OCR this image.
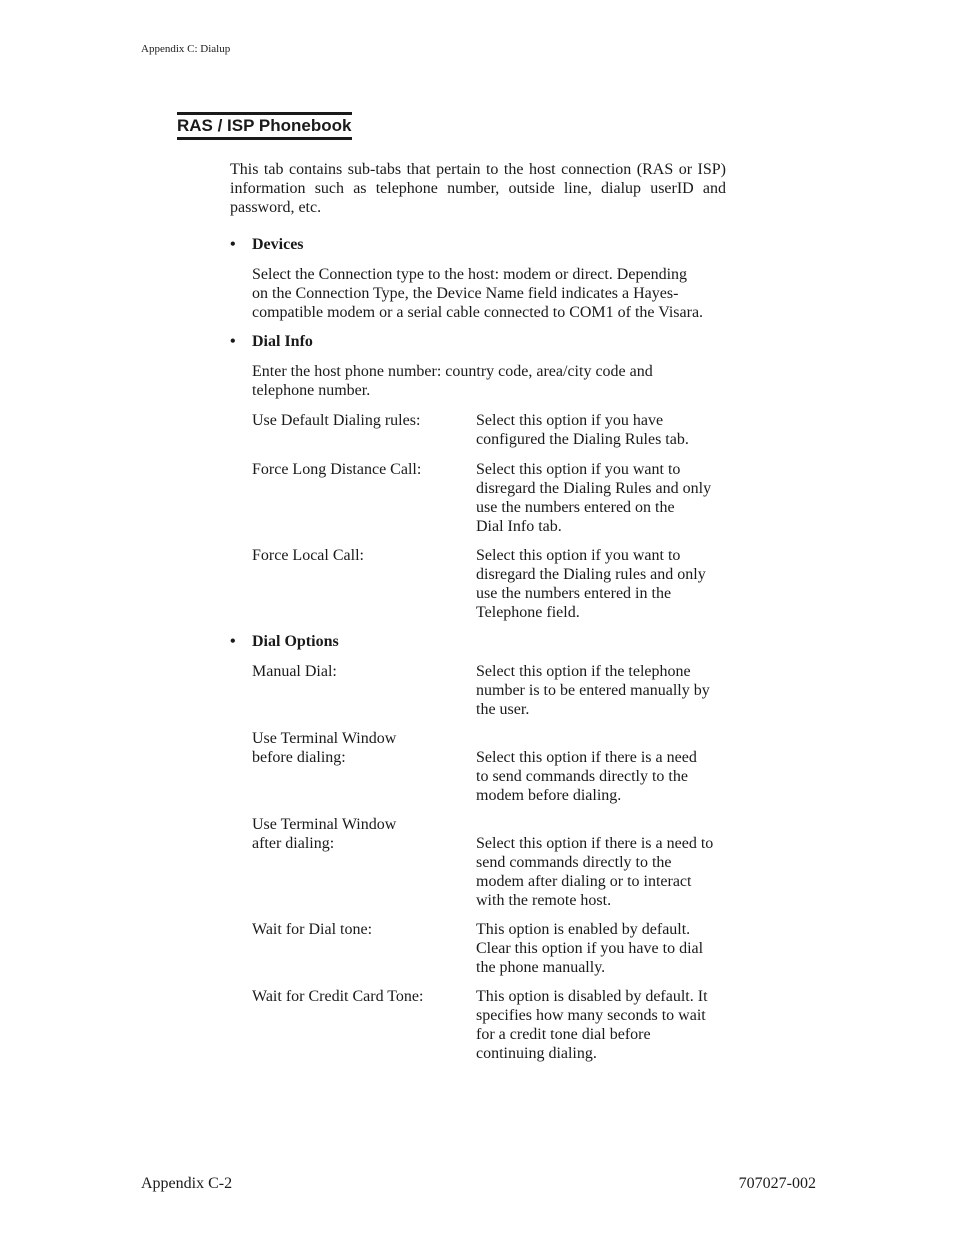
Appendix C: Dialup
RAS / ISP Phonebook
This tab contains sub-tabs that pertain to the host connection (RAS or ISP) information such as telephone number, outside line, dialup userID and password, etc.
• Devices
Select the Connection type to the host: modem or direct. Depending
on the Connection Type, the Device Name field indicates a Hayes-
compatible modem or a serial cable connected to COM1 of the Visara.
• Dial Info
Enter the host phone number: country code, area/city code and
telephone number.
Use Default Dialing rules:	Select this option if you have
configured the Dialing Rules tab.
Force Long Distance Call:	Select this option if you want to
disregard the Dialing Rules and only
use the numbers entered on the
Dial Info tab.
Force Local Call:	Select this option if you want to
disregard the Dialing rules and only
use the numbers entered in the
Telephone field.
• Dial Options
Manual Dial:	Select this option if the telephone
number is to be entered manually by
the user.
Use Terminal Window
before dialing:	Select this option if there is a need
to send commands directly to the
modem before dialing.
Use Terminal Window
after dialing:	Select this option if there is a need to
send commands directly to the
modem after dialing or to interact
with the remote host.
Wait for Dial tone:	This option is enabled by default.
Clear this option if you have to dial
the phone manually.
Wait for Credit Card Tone:	This option is disabled by default. It
specifies how many seconds to wait
for a credit tone dial before
continuing dialing.
Appendix C-2	707027-002
